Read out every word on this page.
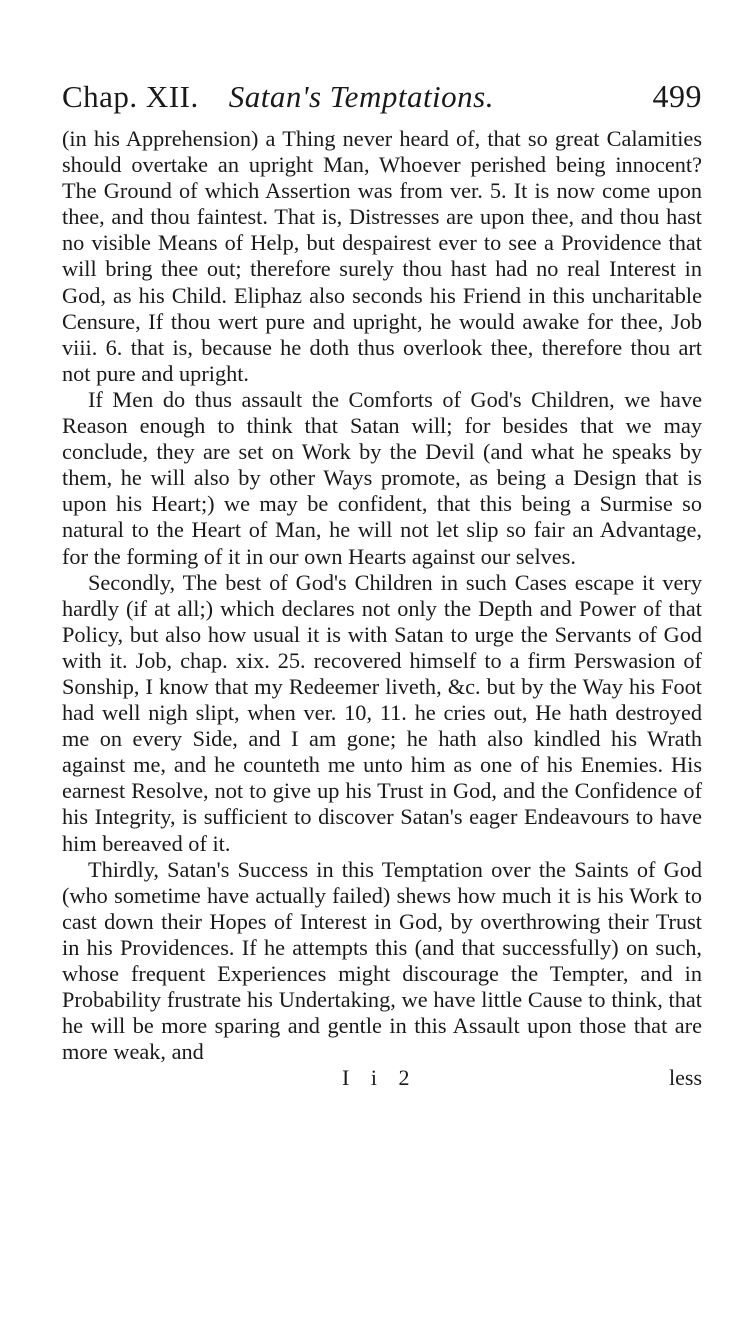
Chap. XII. Satan's Temptations.	499

(in his Apprehension) a Thing never heard of, that so great Calamities should overtake an upright Man, Whoever perished being innocent? The Ground of which Assertion was from ver. 5. It is now come upon thee, and thou faintest. That is, Distresses are upon thee, and thou hast no visible Means of Help, but despairest ever to see a Providence that will bring thee out; therefore surely thou hast had no real Interest in God, as his Child. Eliphaz also seconds his Friend in this uncharitable Censure, If thou wert pure and upright, he would awake for thee, Job viii. 6. that is, because he doth thus overlook thee, therefore thou art not pure and upright.

If Men do thus assault the Comforts of God's Children, we have Reason enough to think that Satan will; for besides that we may conclude, they are set on Work by the Devil (and what he speaks by them, he will also by other Ways promote, as being a Design that is upon his Heart;) we may be confident, that this being a Surmise so natural to the Heart of Man, he will not let slip so fair an Advantage, for the forming of it in our own Hearts against our selves.

Secondly, The best of God's Children in such Cases escape it very hardly (if at all;) which declares not only the Depth and Power of that Policy, but also how usual it is with Satan to urge the Servants of God with it. Job, chap. xix. 25. recovered himself to a firm Perswasion of Sonship, I know that my Redeemer liveth, &c. but by the Way his Foot had well nigh slipt, when ver. 10, 11. he cries out, He hath destroyed me on every Side, and I am gone; he hath also kindled his Wrath against me, and he counteth me unto him as one of his Enemies. His earnest Resolve, not to give up his Trust in God, and the Confidence of his Integrity, is sufficient to discover Satan's eager Endeavours to have him bereaved of it.

Thirdly, Satan's Success in this Temptation over the Saints of God (who sometime have actually failed) shews how much it is his Work to cast down their Hopes of Interest in God, by overthrowing their Trust in his Providences. If he attempts this (and that successfully) on such, whose frequent Experiences might discourage the Tempter, and in Probability frustrate his Undertaking, we have little Cause to think, that he will be more sparing and gentle in this Assault upon those that are more weak, and

I i 2	less
